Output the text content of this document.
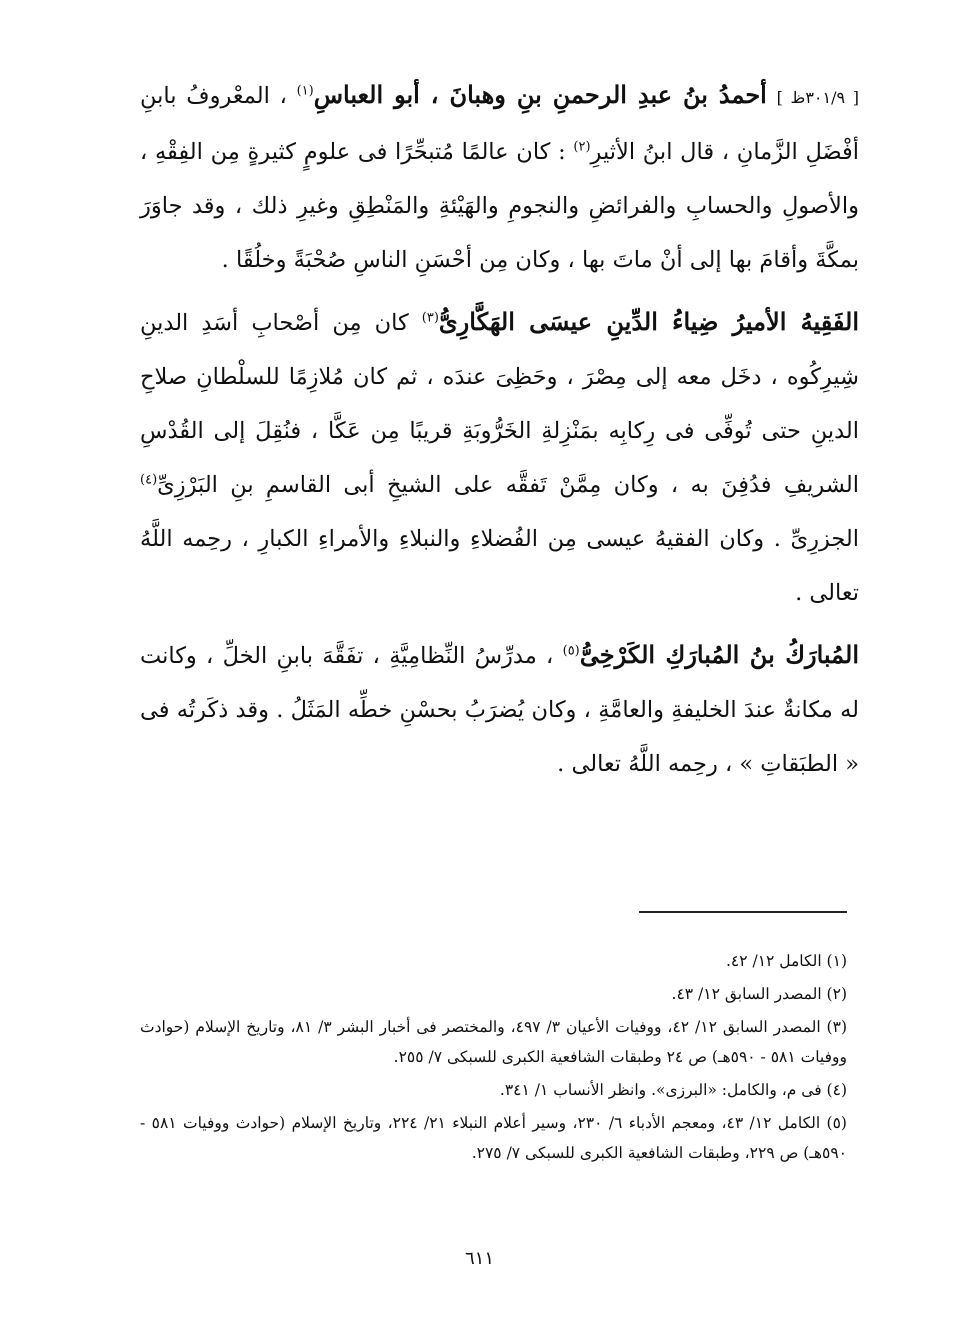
[ ٣٠١/٩ظ ] أحمدُ بنُ عبدِ الرحمنِ بنِ وهبانَ ، أبو العباسِ$^{(١)}$ ، المعْروفُ بابنِ أفْضَلِ الزَّمانِ ، قال ابنُ الأثيرِ$^{(٢)}$ : كان عالمًا مُتبحِّرًا فى علومٍ كثيرةٍ مِن الفِقْهِ ، والأصولِ والحسابِ والفرائضِ والنجومِ والهَيْئةِ والمَنْطِقِ وغيرِ ذلك ، وقد جاوَرَ بمكَّةَ وأقامَ بها إلى أنْ ماتَ بها ، وكان مِن أحْسَنِ الناسِ صُحْبَةً وخلُقًا .

الفَقِيهُ الأميرُ ضِياءُ الدِّينِ عيسَى الهَكَّارِىُّ$^{(٣)}$ كان مِن أصْحابِ أسَدِ الدينِ شِيرِكُوه ، دخَل معه إلى مِصْرَ ، وحَظِىَ عندَه ، ثم كان مُلازِمًا للسلْطانِ صلاحِ الدينِ حتى تُوفِّى فى رِكابِه بمَنْزِلةِ الخَرُّوبَةِ قريبًا مِن عَكَّا ، فنُقِلَ إلى القُدْسِ الشريفِ فدُفِنَ به ، وكان مِمَّنْ تَفقَّه على الشيخِ أبى القاسمِ بنِ البَرْزِىِّ$^{(٤)}$ الجزرِىِّ . وكان الفقيهُ عيسى مِن الفُضلاءِ والنبلاءِ والأمراءِ الكبارِ ، رحِمه اللَّهُ تعالى .

المُبارَكُ بنُ المُبارَكِ الكَرْخِىُّ$^{(٥)}$ ، مدرِّسُ النِّظامِيَّةِ ، تفَقَّهَ بابنِ الخلِّ ، وكانت له مكانةٌ عندَ الخليفةِ والعامَّةِ ، وكان يُضرَبُ بحسْنِ خطِّه المَثَلُ . وقد ذكَرتُه فى « الطبَقاتِ » ، رحِمه اللَّهُ تعالى .

(١) الكامل ١٢/ ٤٢.
(٢) المصدر السابق ١٢/ ٤٣.
(٣) المصدر السابق ١٢/ ٤٢، ووفيات الأعيان ٣/ ٤٩٧، والمختصر فى أخبار البشر ٣/ ٨١، وتاريخ الإسلام (حوادث ووفيات ٥٨١ - ٥٩٠هـ) ص ٢٤ وطبقات الشافعية الكبرى للسبكى ٧/ ٢٥٥.
(٤) فى م، والكامل: «البرزى». وانظر الأنساب ١/ ٣٤١.
(٥) الكامل ١٢/ ٤٣، ومعجم الأدباء ٦/ ٢٣٠، وسير أعلام النبلاء ٢١/ ٢٢٤، وتاريخ الإسلام (حوادث ووفيات ٥٨١ - ٥٩٠هـ) ص ٢٢٩، وطبقات الشافعية الكبرى للسبكى ٧/ ٢٧٥.
٦١١
